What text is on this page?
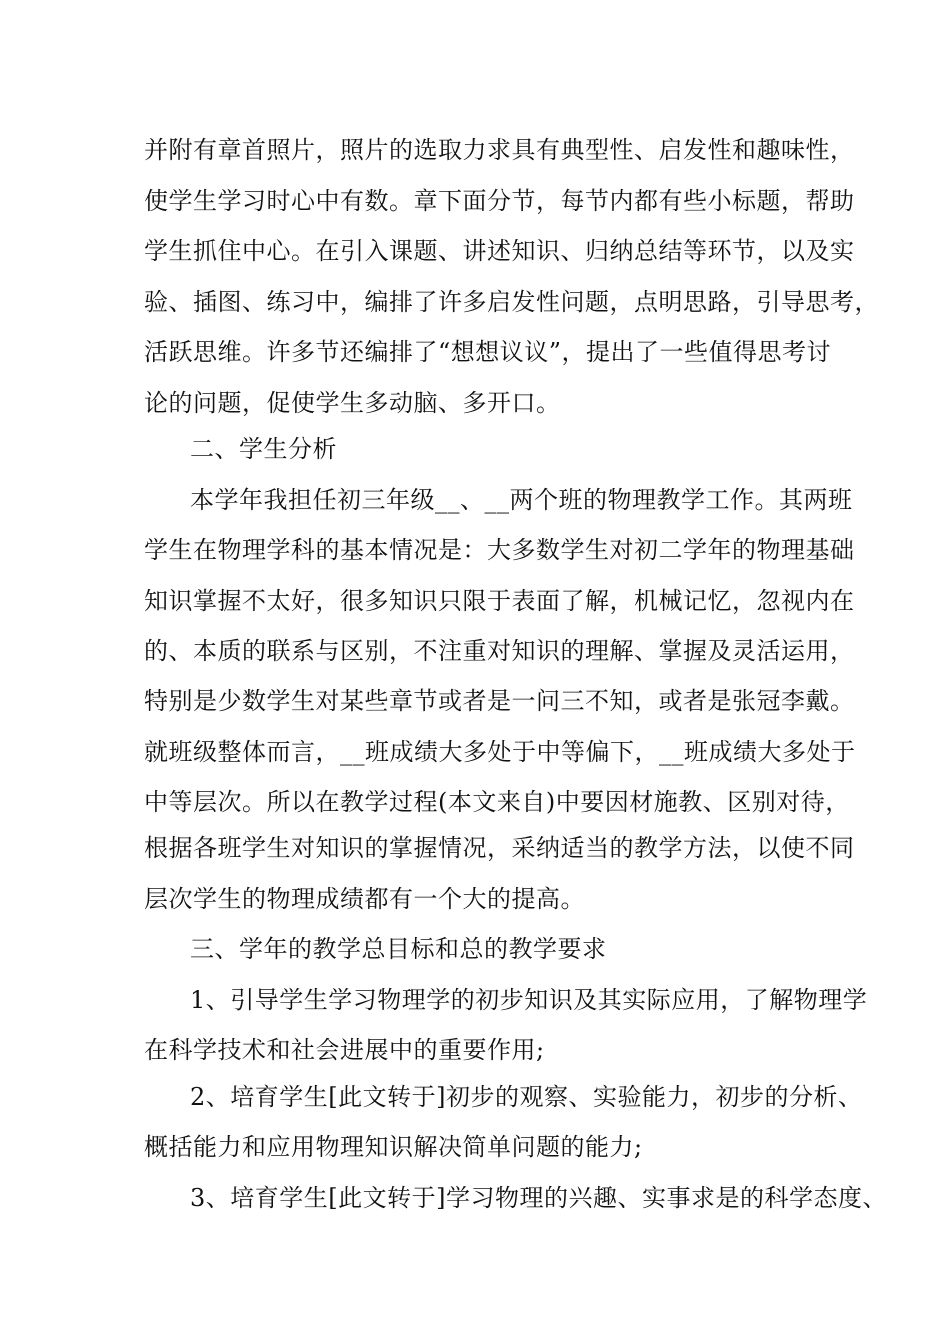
并附有章首照片，照片的选取力求具有典型性、启发性和趣味性，
使学生学习时心中有数。章下面分节，每节内都有些小标题，帮助
学生抓住中心。在引入课题、讲述知识、归纳总结等环节，以及实
验、插图、练习中，编排了许多启发性问题，点明思路，引导思考，
活跃思维。许多节还编排了“想想议议”，提出了一些值得思考讨
论的问题，促使学生多动脑、多开口。
二、学生分析
本学年我担任初三年级__、__两个班的物理教学工作。其两班
学生在物理学科的基本情况是：大多数学生对初二学年的物理基础
知识掌握不太好，很多知识只限于表面了解，机械记忆，忽视内在
的、本质的联系与区别，不注重对知识的理解、掌握及灵活运用，
特别是少数学生对某些章节或者是一问三不知，或者是张冠李戴。
就班级整体而言，__班成绩大多处于中等偏下，__班成绩大多处于
中等层次。所以在教学过程(本文来自)中要因材施教、区别对待，
根据各班学生对知识的掌握情况，采纳适当的教学方法，以使不同
层次学生的物理成绩都有一个大的提高。
三、学年的教学总目标和总的教学要求
1、引导学生学习物理学的初步知识及其实际应用，了解物理学
在科学技术和社会进展中的重要作用;
2、培育学生[此文转于]初步的观察、实验能力，初步的分析、
概括能力和应用物理知识解决简单问题的能力;
3、培育学生[此文转于]学习物理的兴趣、实事求是的科学态度、
